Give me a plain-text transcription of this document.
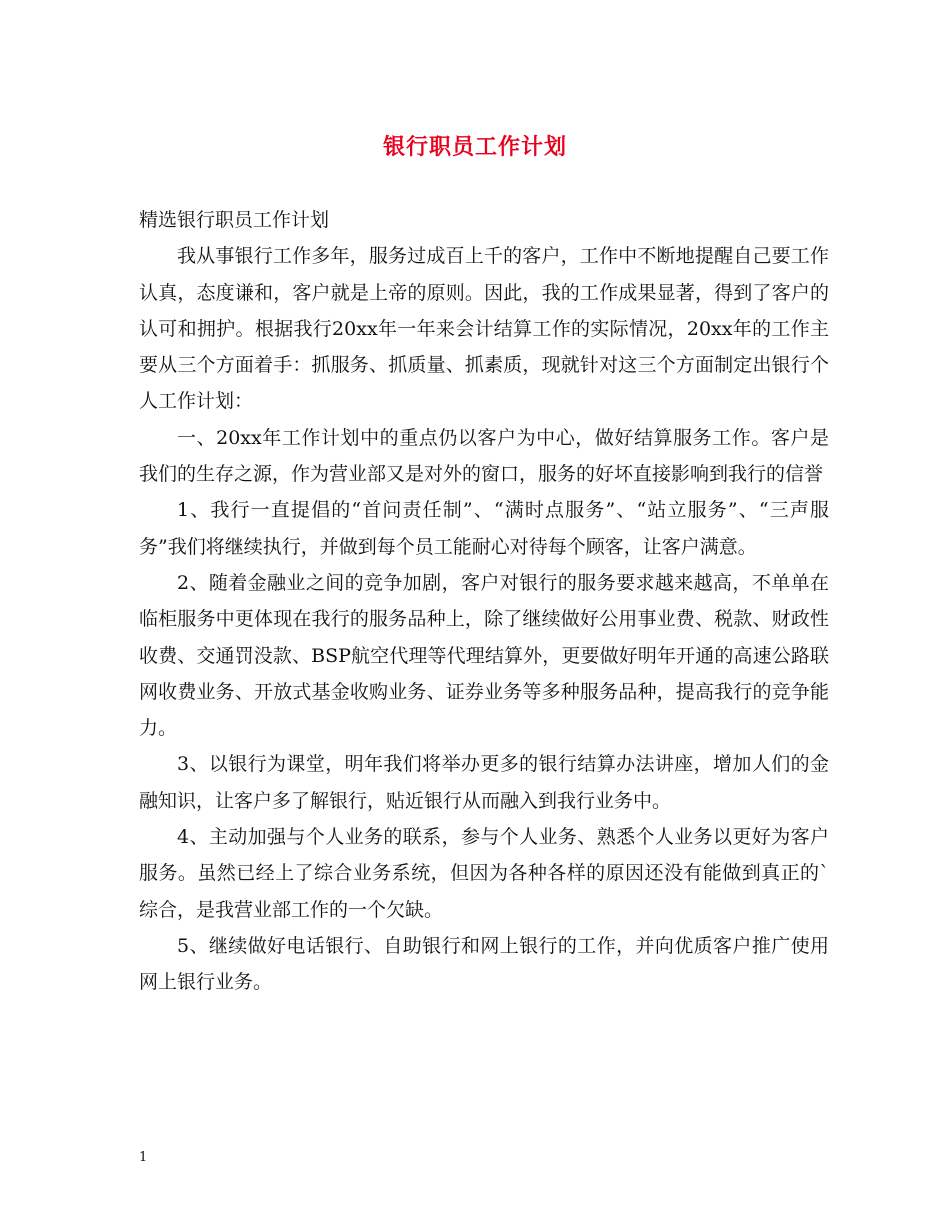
银行职员工作计划

精选银行职员工作计划

我从事银行工作多年，服务过成百上千的客户，工作中不断地提醒自己要工作认真，态度谦和，客户就是上帝的原则。因此，我的工作成果显著，得到了客户的认可和拥护。根据我行20xx年一年来会计结算工作的实际情况，20xx年的工作主要从三个方面着手：抓服务、抓质量、抓素质，现就针对这三个方面制定出银行个人工作计划：

一、20xx年工作计划中的重点仍以客户为中心，做好结算服务工作。客户是我们的生存之源，作为营业部又是对外的窗口，服务的好坏直接影响到我行的信誉

1、我行一直提倡的“首问责任制”、“满时点服务”、“站立服务”、“三声服务”我们将继续执行，并做到每个员工能耐心对待每个顾客，让客户满意。

2、随着金融业之间的竞争加剧，客户对银行的服务要求越来越高，不单单在临柜服务中更体现在我行的服务品种上，除了继续做好公用事业费、税款、财政性收费、交通罚没款、BSP航空代理等代理结算外，更要做好明年开通的高速公路联网收费业务、开放式基金收购业务、证券业务等多种服务品种，提高我行的竞争能力。

3、以银行为课堂，明年我们将举办更多的银行结算办法讲座，增加人们的金融知识，让客户多了解银行，贴近银行从而融入到我行业务中。

4、主动加强与个人业务的联系，参与个人业务、熟悉个人业务以更好为客户服务。虽然已经上了综合业务系统，但因为各种各样的原因还没有能做到真正的`综合，是我营业部工作的一个欠缺。

5、继续做好电话银行、自助银行和网上银行的工作，并向优质客户推广使用网上银行业务。

1
